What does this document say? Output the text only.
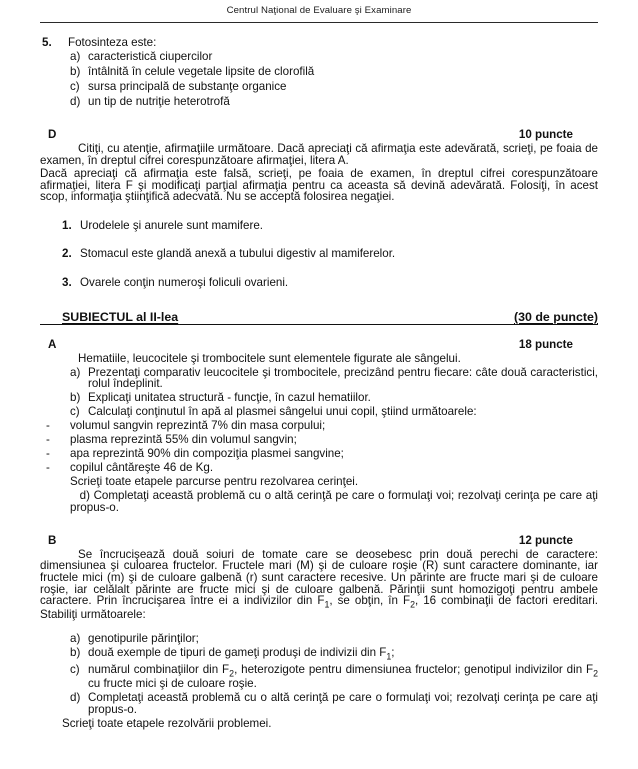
Centrul Naţional de Evaluare şi Examinare
5.	Fotosinteza este:
a) caracteristică ciupercilor
b) întâlnită în celule vegetale lipsite de clorofilă
c) sursa principală de substanţe organice
d) un tip de nutriţie heterotrofă
D	10 puncte
Citiţi, cu atenţie, afirmaţiile următoare. Dacă apreciaţi că afirmaţia este adevărată, scrieţi, pe foaia de examen, în dreptul cifrei corespunzătoare afirmaţiei, litera A.
Dacă apreciaţi că afirmaţia este falsă, scrieţi, pe foaia de examen, în dreptul cifrei corespunzătoare afirmaţiei, litera F şi modificaţi parţial afirmaţia pentru ca aceasta să devină adevărată. Folosiţi, în acest scop, informaţia ştiinţifică adecvată. Nu se acceptă folosirea negaţiei.
1. Urodelele şi anurele sunt mamifere.
2. Stomacul este glandă anexă a tubului digestiv al mamiferelor.
3. Ovarele conţin numeroşi foliculi ovarieni.
SUBIECTUL al II-lea	(30 de puncte)
A	18 puncte
Hematiile, leucocitele şi trombocitele sunt elementele figurate ale sângelui.
a) Prezentaţi comparativ leucocitele şi trombocitele, precizând pentru fiecare: câte două caracteristici, rolul îndeplinit.
b) Explicaţi unitatea structură - funcţie, în cazul hematiilor.
c) Calculaţi conţinutul în apă al plasmei sângelui unui copil, ştiind următoarele:
-	volumul sangvin reprezintă 7% din masa corpului;
-	plasma reprezintă 55% din volumul sangvin;
-	apa reprezintă 90% din compoziţia plasmei sangvine;
-	copilul cântăreşte 46 de Kg.
Scrieţi toate etapele parcurse pentru rezolvarea cerinţei.
d) Completaţi această problemă cu o altă cerinţă pe care o formulaţi voi; rezolvaţi cerinţa pe care aţi propus-o.
B	12 puncte
Se încrucişează două soiuri de tomate care se deosebesc prin două perechi de caractere: dimensiunea şi culoarea fructelor. Fructele mari (M) şi de culoare roşie (R) sunt caractere dominante, iar fructele mici (m) şi de culoare galbenă (r) sunt caractere recesive. Un părinte are fructe mari şi de culoare roşie, iar celălalt părinte are fructe mici şi de culoare galbenă. Părinţii sunt homozigoţi pentru ambele caractere. Prin încrucişarea între ei a indivizilor din $F_1$, se obţin, în $F_2$, 16 combinaţii de factori ereditari. Stabiliţi următoarele:
a) genotipurile părinţilor;
b) două exemple de tipuri de gameţi produşi de indivizii din $F_1$;
c) numărul combinaţiilor din $F_2$, heterozigote pentru dimensiunea fructelor; genotipul indivizilor din $F_2$ cu fructe mici şi de culoare roşie.
d) Completaţi această problemă cu o altă cerinţă pe care o formulaţi voi; rezolvaţi cerinţa pe care aţi propus-o.
Scrieţi toate etapele rezolvării problemei.
